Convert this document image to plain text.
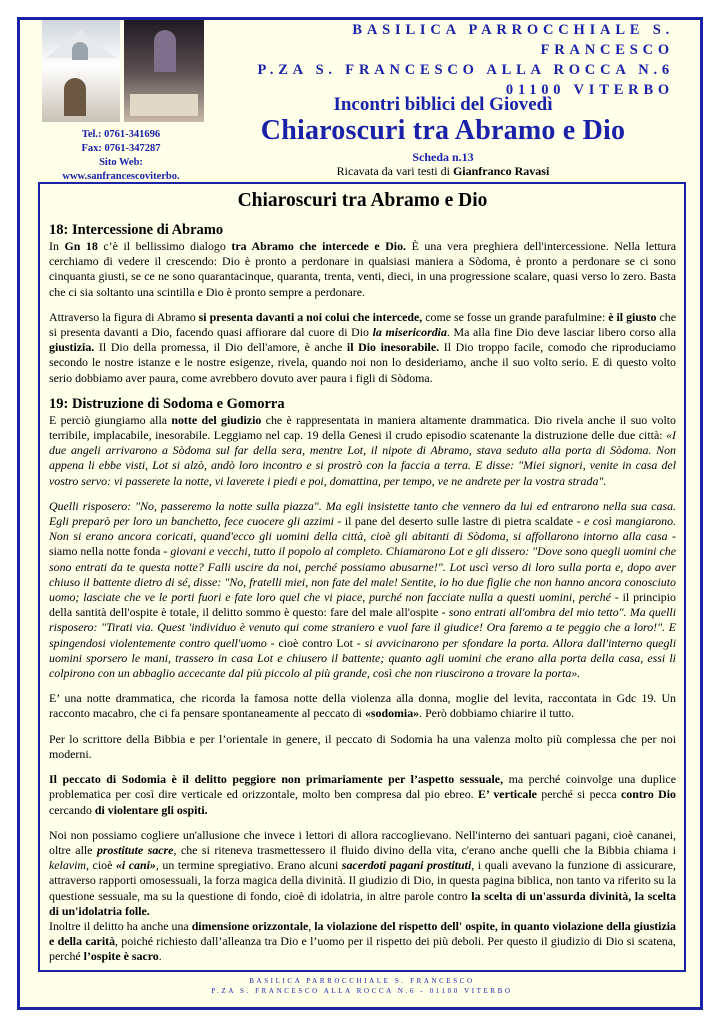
BASILICA PARROCCHIALE S. FRANCESCO
P.ZA S. FRANCESCO ALLA ROCCA N.6
01100 VITERBO
Tel.: 0761-341696
Fax: 0761-347287
Sito Web:
www.sanfrancescoviterbo.
Incontri biblici del Giovedì
Chiaroscuri tra Abramo e Dio
Scheda n.13
Ricavata da vari testi di Gianfranco Ravasi
Chiaroscuri tra Abramo e Dio
18: Intercessione di Abramo

In Gn 18 c’è il bellissimo dialogo tra Abramo che intercede e Dio. È una vera preghiera dell'intercessione. Nella lettura cerchiamo di vedere il crescendo: Dio è pronto a perdonare in qualsiasi maniera a Sòdoma, è pronto a perdonare se ci sono cinquanta giusti, se ce ne sono quarantacinque, quaranta, trenta, venti, dieci, in una progressione scalare, quasi verso lo zero. Basta che ci sia soltanto una scintilla e Dio è pronto sempre a perdonare.

Attraverso la figura di Abramo si presenta davanti a noi colui che intercede, come se fosse un grande parafulmine: è il giusto che si presenta davanti a Dio, facendo quasi affiorare dal cuore di Dio la misericordia. Ma alla fine Dio deve lasciar libero corso alla giustizia. Il Dio della promessa, il Dio dell'amore, è anche il Dio inesorabile. Il Dio troppo facile, comodo che riproduciamo secondo le nostre istanze e le nostre esigenze, rivela, quando noi non lo desideriamo, anche il suo volto serio. E di questo volto serio dobbiamo aver paura, come avrebbero dovuto aver paura i figli di Sòdoma.

19: Distruzione di Sodoma e Gomorra

E perciò giungiamo alla notte del giudizio che è rappresentata in maniera altamente drammatica. Dio rivela anche il suo volto terribile, implacabile, inesorabile. Leggiamo nel cap. 19 della Genesi il crudo episodio scatenante la distruzione delle due città: «I due angeli arrivarono a Sòdoma sul far della sera, mentre Lot, il nipote di Abramo, stava seduto alla porta di Sòdoma. Non appena li ebbe visti, Lot si alzò, andò loro incontro e si prostrò con la faccia a terra. E disse: "Miei signori, venite in casa del vostro servo: vi passerete la notte, vi laverete i piedi e poi, domattina, per tempo, ve ne andrete per la vostra strada".

Quelli risposero: "No, passeremo la notte sulla piazza". Ma egli insistette tanto che vennero da lui ed entrarono nella sua casa. Egli preparò per loro un banchetto, fece cuocere gli azzimi - il pane del deserto sulle lastre di pietra scaldate - e così mangiarono. Non si erano ancora coricati, quand'ecco gli uomini della città, cioè gli abitanti di Sòdoma, si affollarono intorno alla casa - siamo nella notte fonda - giovani e vecchi, tutto il popolo al completo. Chiamarono Lot e gli dissero: "Dove sono quegli uomini che sono entrati da te questa notte? Falli uscire da noi, perché possiamo abusarne!". Lot uscì verso di loro sulla porta e, dopo aver chiuso il battente dietro di sé, disse: "No, fratelli miei, non fate del male! Sentite, io ho due figlie che non hanno ancora conosciuto uomo; lasciate che ve le porti fuori e fate loro quel che vi piace, purché non facciate nulla a questi uomini, perché - il principio della santità dell'ospite è totale, il delitto sommo è questo: fare del male all'ospite - sono entrati all'ombra del mio tetto". Ma quelli risposero: "Tirati via. Quest 'individuo è venuto qui come straniero e vuol fare il giudice! Ora faremo a te peggio che a loro!". E spingendosi violentemente contro quell'uomo - cioè contro Lot - si avvicinarono per sfondare la porta. Allora dall'interno quegli uomini sporsero le mani, trassero in casa Lot e chiusero il battente; quanto agli uomini che erano alla porta della casa, essi li colpirono con un abbaglio accecante dal più piccolo al più grande, così che non riuscirono a trovare la porta».

E’ una notte drammatica, che ricorda la famosa notte della violenza alla donna, moglie del levita, raccontata in Gdc 19. Un racconto macabro, che ci fa pensare spontaneamente al peccato di «sodomia». Però dobbiamo chiarire il tutto.

Per lo scrittore della Bibbia e per l’orientale in genere, il peccato di Sodomia ha una valenza molto più complessa che per noi moderni.

Il peccato di Sodomia è il delitto peggiore non primariamente per l’aspetto sessuale, ma perché coinvolge una duplice problematica per così dire verticale ed orizzontale, molto ben compresa dal pio ebreo. E’ verticale perché si pecca contro Dio cercando di violentare gli ospiti.

Noi non possiamo cogliere un'allusione che invece i lettori di allora raccoglievano. Nell'interno dei santuari pagani, cioè cananei, oltre alle prostitute sacre, che si riteneva trasmettessero il fluido divino della vita, c'erano anche quelli che la Bibbia chiama i kelavim, cioè «i cani», un termine spregiativo. Erano alcuni sacerdoti pagani prostituti, i quali avevano la funzione di assicurare, attraverso rapporti omosessuali, la forza magica della divinità. Il giudizio di Dio, in questa pagina biblica, non tanto va riferito su la questione sessuale, ma su la questione di fondo, cioè di idolatria, in altre parole contro la scelta di un'assurda divinità, la scelta di un'idolatria folle.

Inoltre il delitto ha anche una dimensione orizzontale, la violazione del rispetto dell' ospite, in quanto violazione della giustizia e della carità, poiché richiesto dall’alleanza tra Dio e l’uomo per il rispetto dei più deboli. Per questo il giudizio di Dio si scatena, perché l’ospite è sacro.

BASILICA PARROCCHIALE S. FRANCESCO
P.ZA S. FRANCESCO ALLA ROCCA N.6 - 01100 VITERBO
